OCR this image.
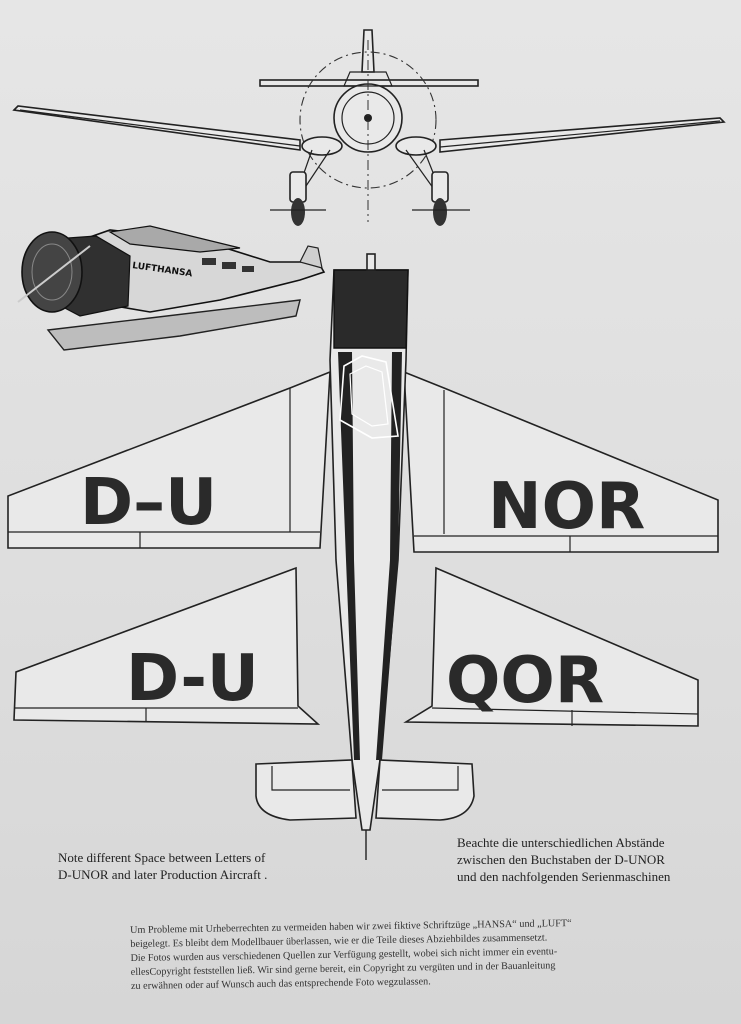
LUFTHANSA
D–U	NOR
D-U	QOR
Note different Space between Letters of
D-UNOR and later Production Aircraft .
Beachte die unterschiedlichen Abstände
zwischen den Buchstaben der D-UNOR
und den nachfolgenden Serienmaschinen
Um Probleme mit Urheberrechten zu vermeiden haben wir zwei fiktive Schriftzüge „HANSA“ und „LUFT“
beigelegt. Es bleibt dem Modellbauer überlassen, wie er die Teile dieses Abziehbildes zusammensetzt.
Die Fotos wurden aus verschiedenen Quellen zur Verfügung gestellt, wobei sich nicht immer ein eventu-
ellesCopyright feststellen ließ. Wir sind gerne bereit, ein Copyright zu vergüten und in der Bauanleitung
zu erwähnen oder auf Wunsch auch das entsprechende Foto wegzulassen.
